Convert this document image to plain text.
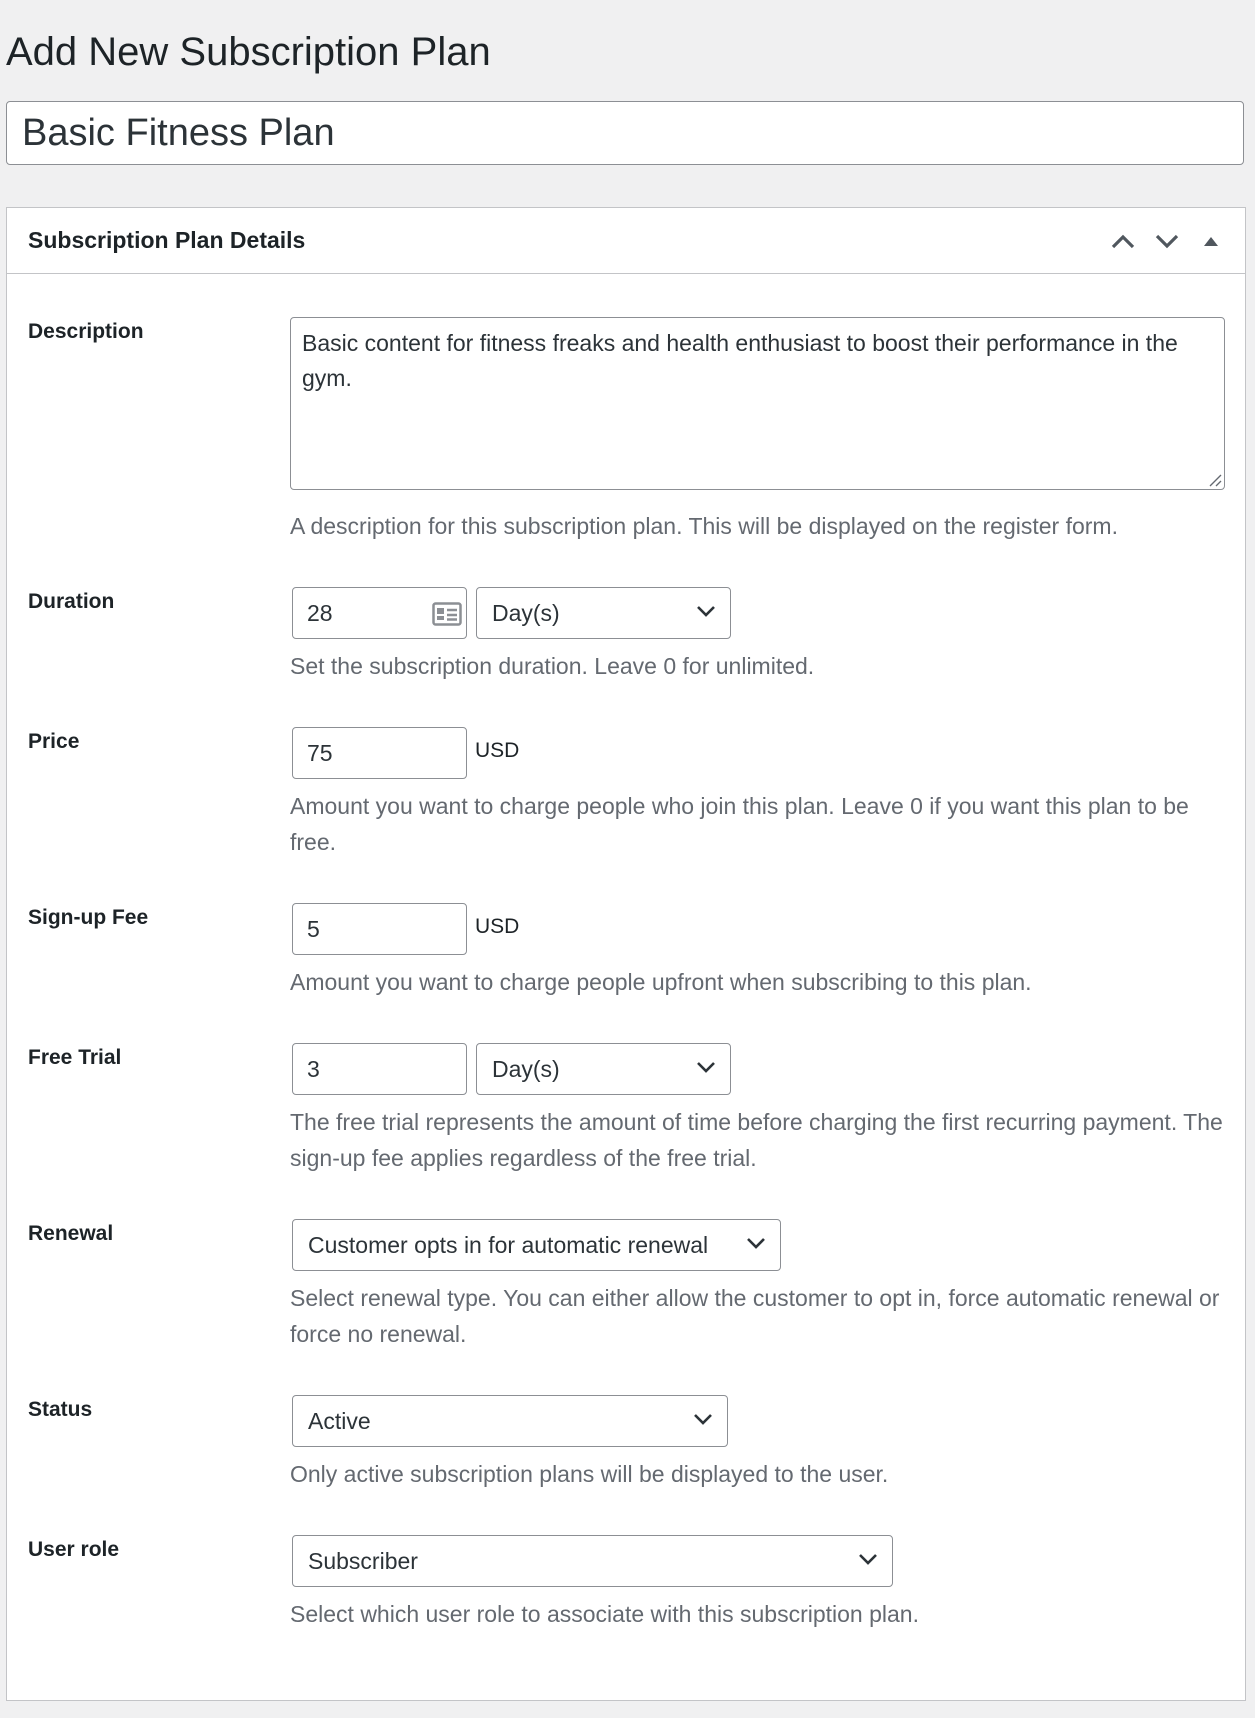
Add New Subscription Plan
Basic Fitness Plan
Subscription Plan Details
Description	Basic content for fitness freaks and health enthusiast to boost their performance in the gym.
A description for this subscription plan. This will be displayed on the register form.
Duration	28	Day(s)
Set the subscription duration. Leave 0 for unlimited.
Price	75	USD
Amount you want to charge people who join this plan. Leave 0 if you want this plan to be free.
Sign-up Fee	5	USD
Amount you want to charge people upfront when subscribing to this plan.
Free Trial	3	Day(s)
The free trial represents the amount of time before charging the first recurring payment. The sign-up fee applies regardless of the free trial.
Renewal	Customer opts in for automatic renewal
Select renewal type. You can either allow the customer to opt in, force automatic renewal or force no renewal.
Status	Active
Only active subscription plans will be displayed to the user.
User role	Subscriber
Select which user role to associate with this subscription plan.
